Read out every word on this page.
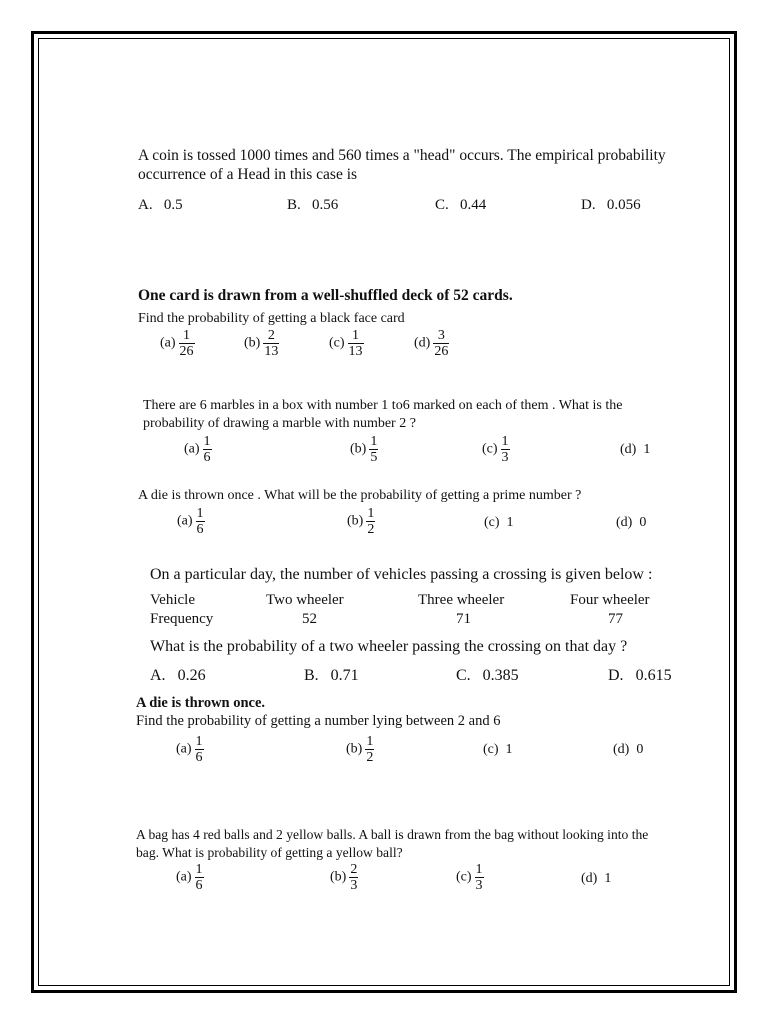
A coin is tossed 1000 times and 560 times a "head" occurs. The empirical probability
occurrence of a Head in this case is
A. 0.5	B. 0.56	C. 0.44	D. 0.056
One card is drawn from a well-shuffled deck of 52 cards.
Find the probability of getting a black face card
$(a) \frac{1}{26}$	$(b) \frac{2}{13}$	$(c) \frac{1}{13}$	$(d) \frac{3}{26}$
There are 6 marbles in a box with number 1 to6 marked on each of them . What is the
probability of drawing a marble with number 2 ?
$(a) \frac{1}{6}$	$(b) \frac{1}{5}$	$(c) \frac{1}{3}$	(d) 1
A die is thrown once . What will be the probability of getting a prime number ?
$(a) \frac{1}{6}$	$(b) \frac{1}{2}$	(c) 1	(d) 0
On a particular day, the number of vehicles passing a crossing is given below :
Vehicle	Two wheeler	Three wheeler	Four wheeler
Frequency	52	71	77
What is the probability of a two wheeler passing the crossing on that day ?
A. 0.26	B. 0.71	C. 0.385	D. 0.615
A die is thrown once.
Find the probability of getting a number lying between 2 and 6
$(a) \frac{1}{6}$	$(b) \frac{1}{2}$	(c) 1	(d) 0
A bag has 4 red balls and 2 yellow balls. A ball is drawn from the bag without looking into the
bag. What is probability of getting a yellow ball?
$(a) \frac{1}{6}$	$(b) \frac{2}{3}$	$(c) \frac{1}{3}$	(d) 1
